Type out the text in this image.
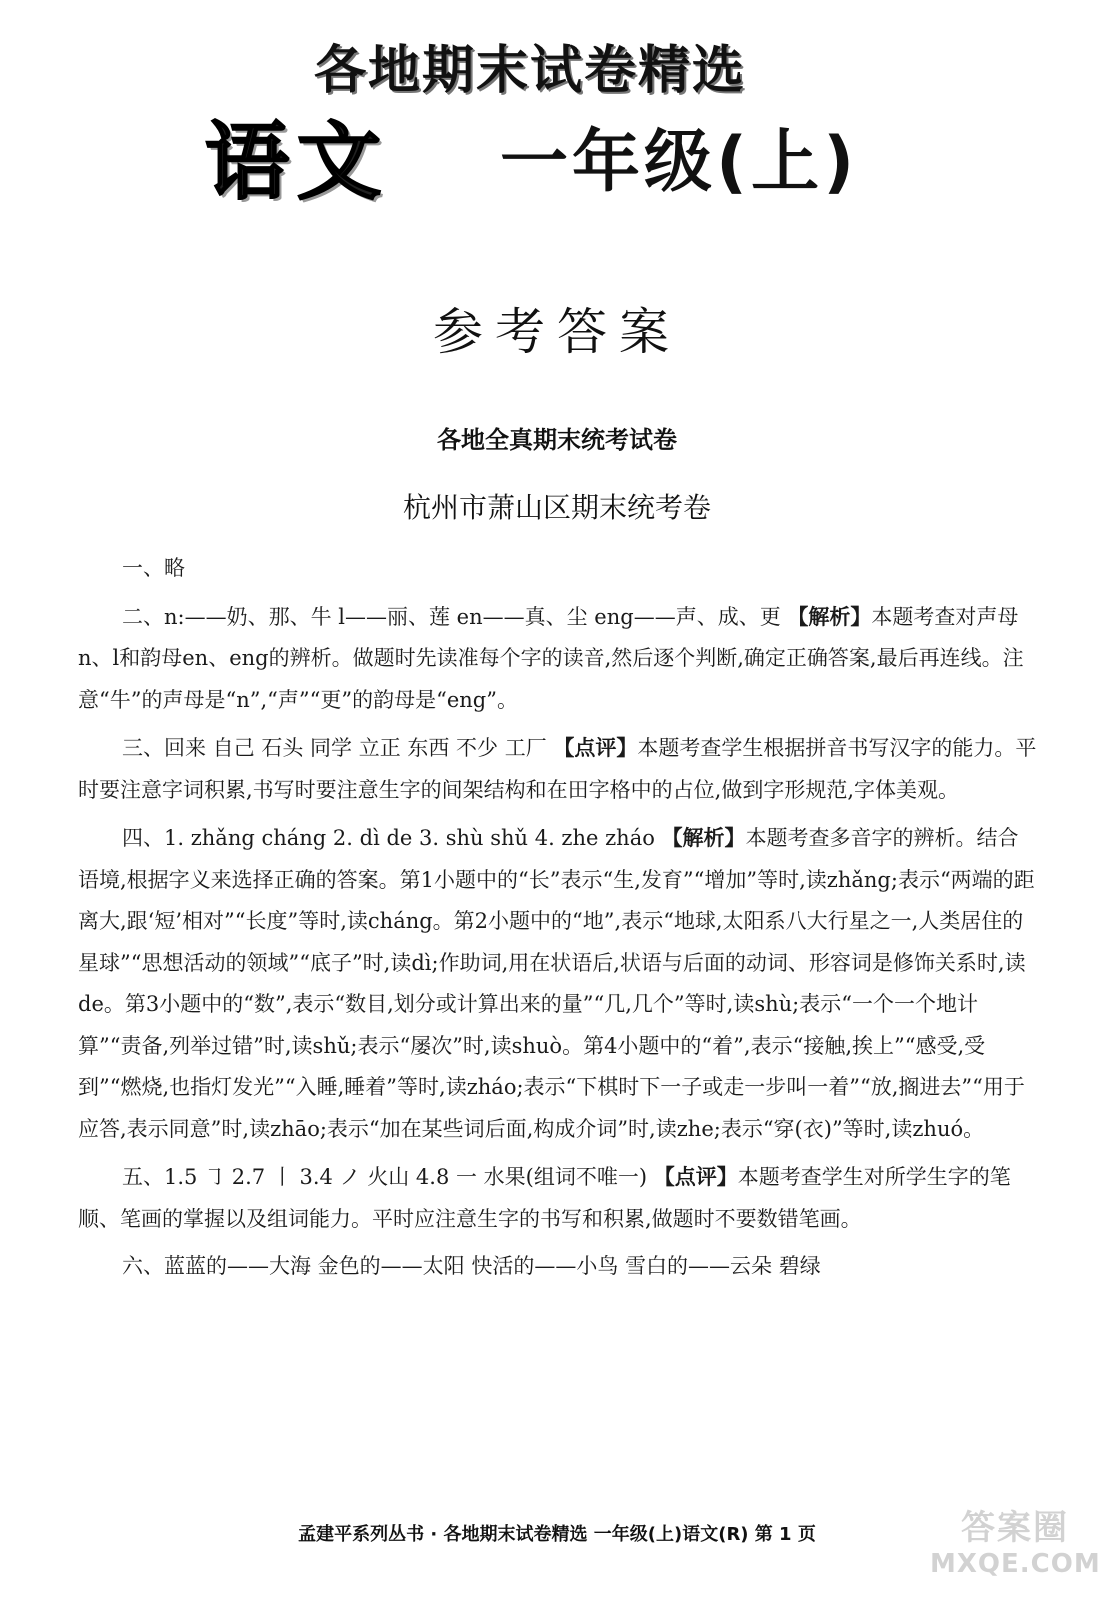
各地期末试卷精选
语文 一年级(上)
参考答案
各地全真期末统考试卷
杭州市萧山区期末统考卷

一、略

二、n:——奶、那、牛 l——丽、莲 en——真、尘 eng——声、成、更 【解析】本题考查对声母n、l和韵母en、eng的辨析。做题时先读准每个字的读音,然后逐个判断,确定正确答案,最后再连线。注意“牛”的声母是“n”,“声”“更”的韵母是“eng”。

三、回来 自己 石头 同学 立正 东西 不少 工厂 【点评】本题考查学生根据拼音书写汉字的能力。平时要注意字词积累,书写时要注意生字的间架结构和在田字格中的占位,做到字形规范,字体美观。

四、1. zhǎng cháng 2. dì de 3. shù shǔ 4. zhe zháo 【解析】本题考查多音字的辨析。结合语境,根据字义来选择正确的答案。第1小题中的“长”表示“生,发育”“增加”等时,读zhǎng;表示“两端的距离大,跟‘短’相对”“长度”等时,读cháng。第2小题中的“地”,表示“地球,太阳系八大行星之一,人类居住的星球”“思想活动的领域”“底子”时,读dì;作助词,用在状语后,状语与后面的动词、形容词是修饰关系时,读de。第3小题中的“数”,表示“数目,划分或计算出来的量”“几,几个”等时,读shù;表示“一个一个地计算”“责备,列举过错”时,读shǔ;表示“屡次”时,读shuò。第4小题中的“着”,表示“接触,挨上”“感受,受到”“燃烧,也指灯发光”“入睡,睡着”等时,读zháo;表示“下棋时下一子或走一步叫一着”“放,搁进去”“用于应答,表示同意”时,读zhāo;表示“加在某些词后面,构成介词”时,读zhe;表示“穿(衣)”等时,读zhuó。

五、1.5 ㇆ 2.7 丨 3.4 ノ 火山 4.8 一 水果(组词不唯一) 【点评】本题考查学生对所学生字的笔顺、笔画的掌握以及组词能力。平时应注意生字的书写和积累,做题时不要数错笔画。

六、蓝蓝的——大海 金色的——太阳 快活的——小鸟 雪白的——云朵 碧绿

孟建平系列丛书 · 各地期末试卷精选 一年级(上)语文(R) 第 1 页	答案圈
MXQE.COM
